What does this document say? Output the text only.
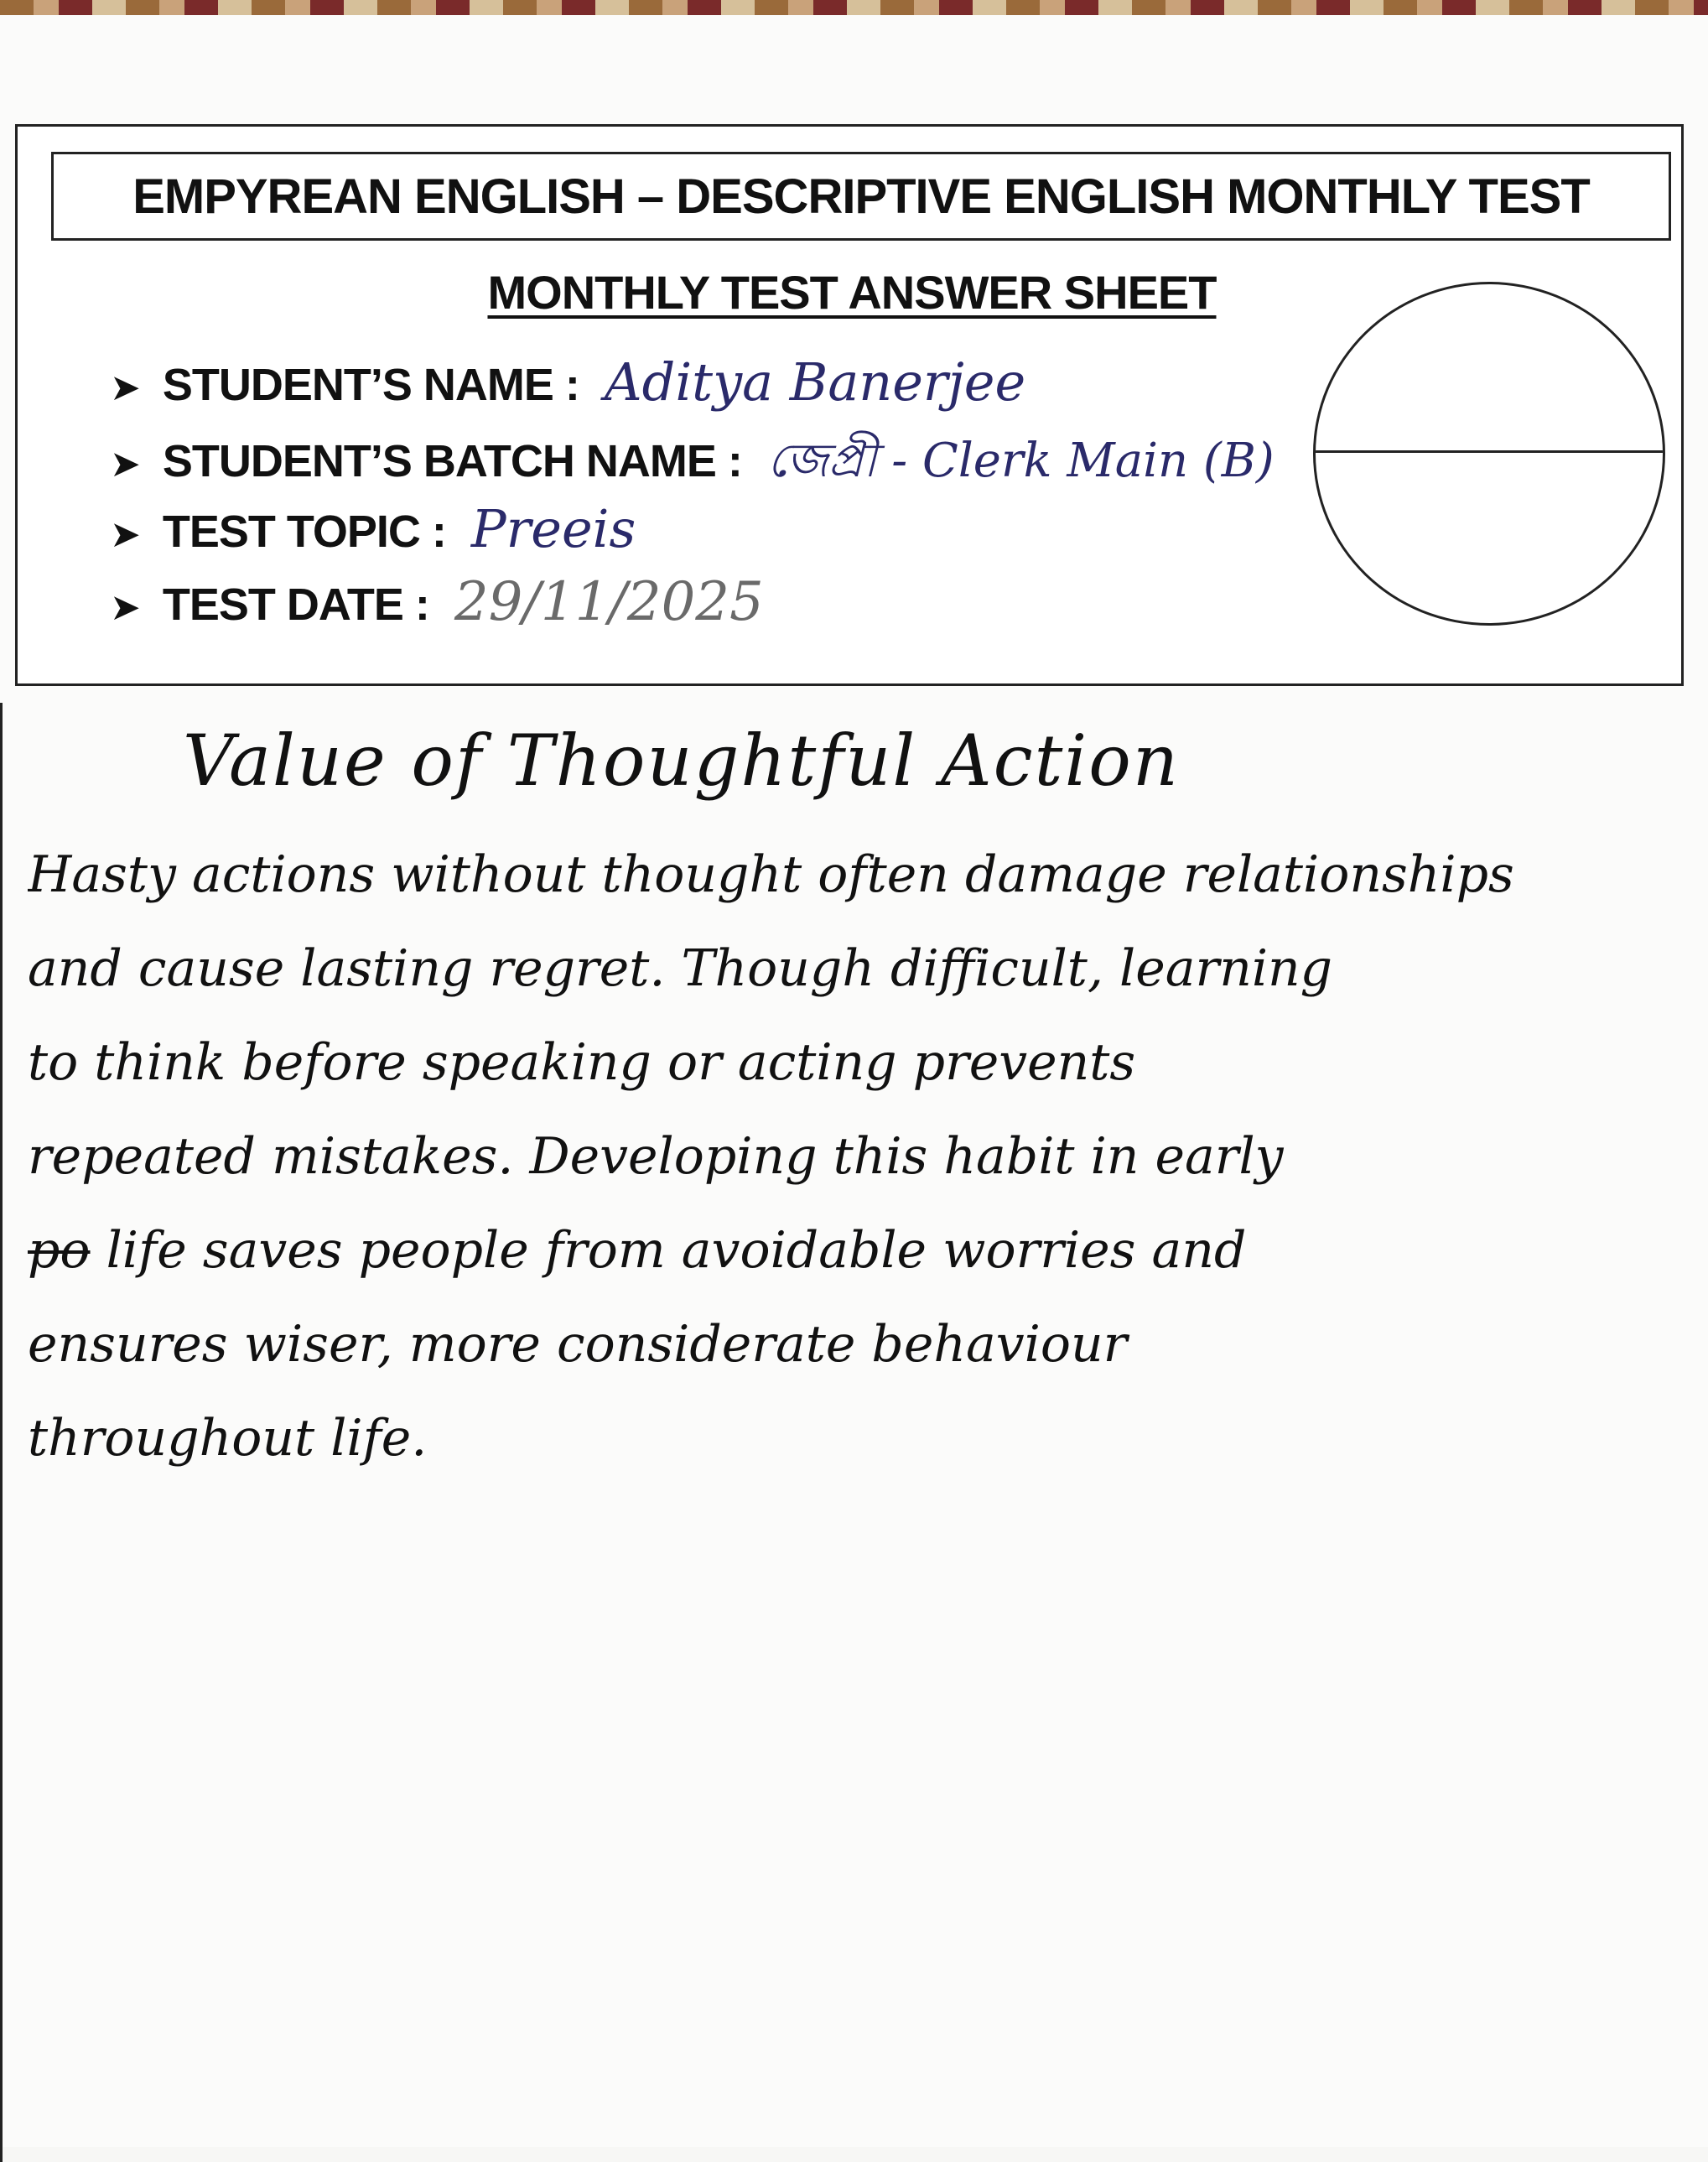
EMPYREAN ENGLISH – DESCRIPTIVE ENGLISH MONTHLY TEST
MONTHLY TEST ANSWER SHEET
➤ STUDENT’S NAME : Aditya Banerjee
➤ STUDENT’S BATCH NAME : জেপ্রী - Clerk Main (B)
➤ TEST TOPIC : Preeis
➤ TEST DATE : 29/11/2025
Value of Thoughtful Action
Hasty actions without thought often damage relationships
and cause lasting regret. Though difficult, learning
to think before speaking or acting prevents
repeated mistakes. Developing this habit in early
po life saves people from avoidable worries and
ensures wiser, more considerate behaviour
throughout life.
